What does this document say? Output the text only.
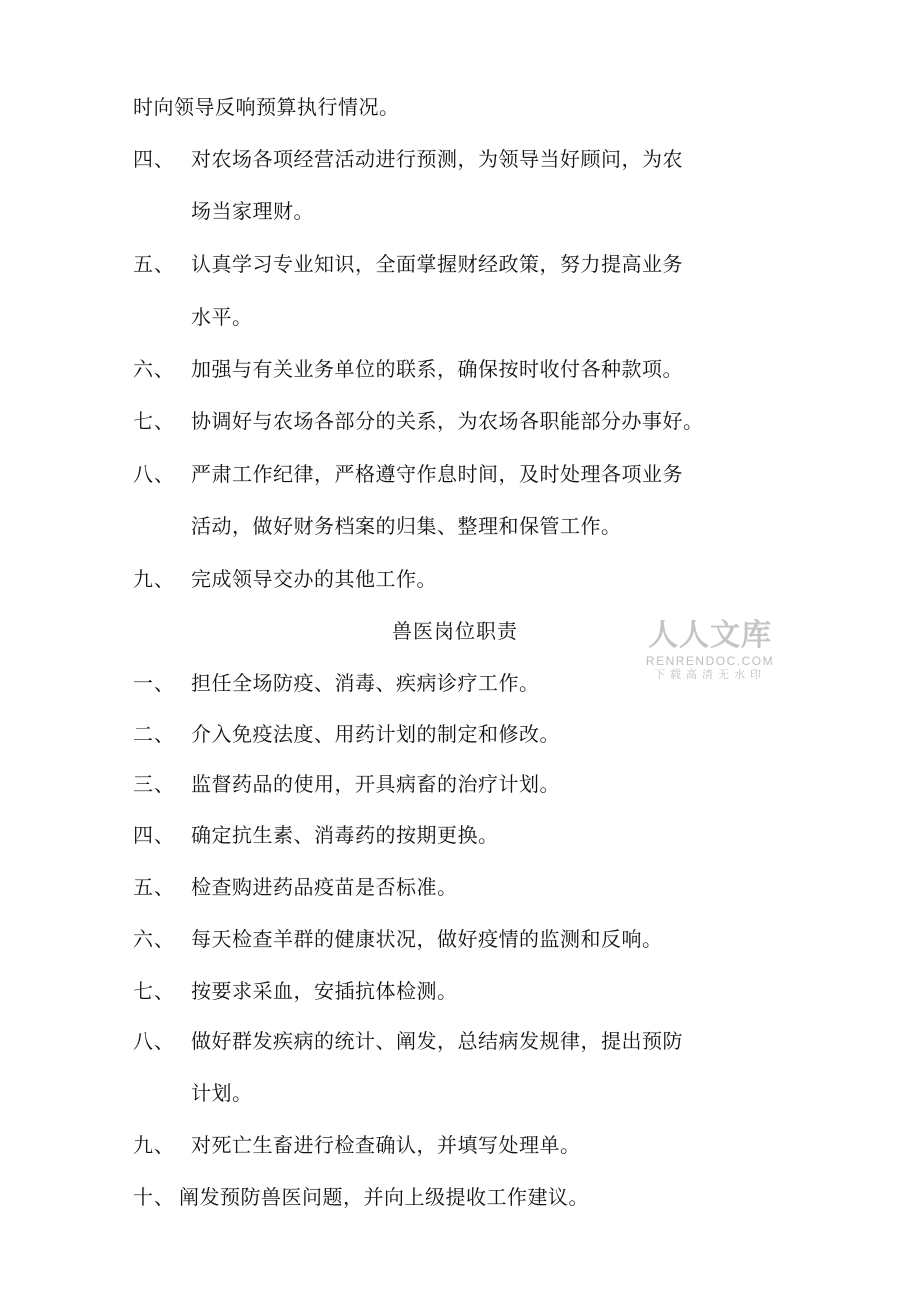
时向领导反响预算执行情况。
四、 对农场各项经营活动进行预测，为领导当好顾问，为农
场当家理财。
五、 认真学习专业知识，全面掌握财经政策，努力提高业务
水平。
六、 加强与有关业务单位的联系，确保按时收付各种款项。
七、 协调好与农场各部分的关系，为农场各职能部分办事好。
八、 严肃工作纪律，严格遵守作息时间，及时处理各项业务
活动，做好财务档案的归集、整理和保管工作。
九、 完成领导交办的其他工作。
兽医岗位职责
一、 担任全场防疫、消毒、疾病诊疗工作。
二、 介入免疫法度、用药计划的制定和修改。
三、 监督药品的使用，开具病畜的治疗计划。
四、 确定抗生素、消毒药的按期更换。
五、 检查购进药品疫苗是否标准。
六、 每天检查羊群的健康状况，做好疫情的监测和反响。
七、 按要求采血，安插抗体检测。
八、 做好群发疾病的统计、阐发，总结病发规律，提出预防
计划。
九、 对死亡生畜进行检查确认，并填写处理单。
十、 阐发预防兽医问题，并向上级提收工作建议。
人人文库
RENRENDOC.COM
下载高清无水印
